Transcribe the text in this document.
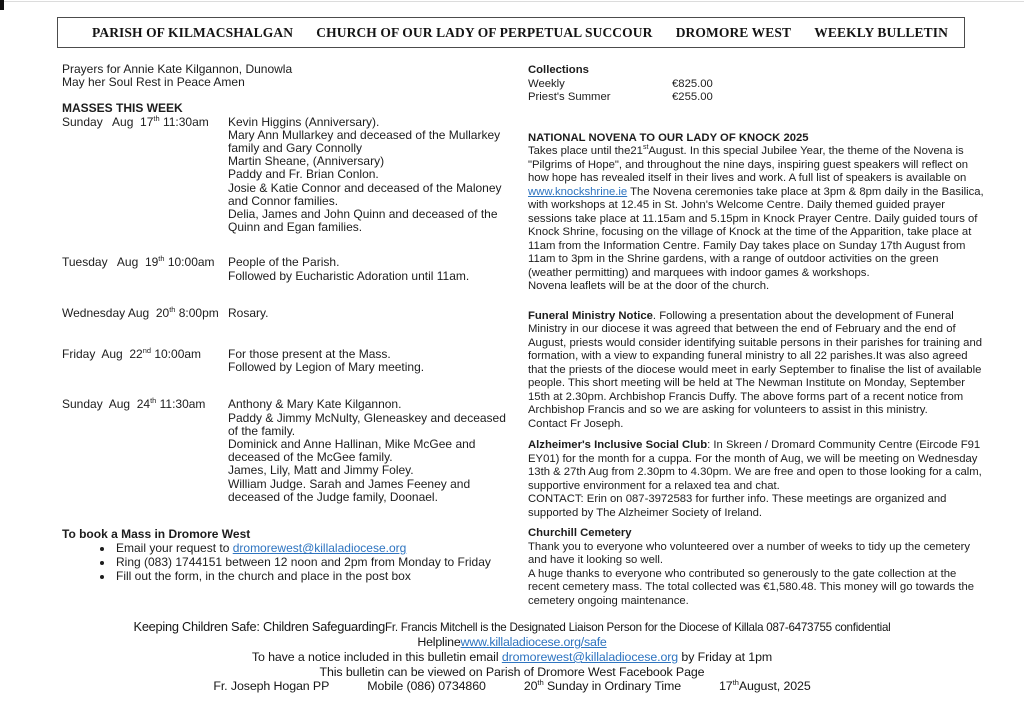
PARISH OF KILMACSHALGAN CHURCH OF OUR LADY OF PERPETUAL SUCCOUR DROMORE WEST WEEKLY BULLETIN
Prayers for Annie Kate Kilgannon, Dunowla
May her Soul Rest in Peace Amen
MASSES THIS WEEK
Sunday   Aug  17th 11:30am	Kevin Higgins (Anniversary).
Mary Ann Mullarkey and deceased of the Mullarkey family and Gary Connolly
Martin Sheane, (Anniversary)
Paddy and Fr. Brian Conlon.
Josie & Katie Connor and deceased of the Maloney and Connor families.
Delia, James and John Quinn and deceased of the Quinn and Egan families.
Tuesday   Aug  19th 10:00am	People of the Parish.
Followed by Eucharistic Adoration until 11am.
Wednesday Aug  20th 8:00pm Rosary.
Friday  Aug  22nd 10:00am	For those present at the Mass.
Followed by Legion of Mary meeting.
Sunday  Aug  24th 11:30am	Anthony & Mary Kate Kilgannon.
Paddy & Jimmy McNulty, Gleneaskey and deceased of the family.
Dominick and Anne Hallinan, Mike McGee and deceased of the McGee family.
James, Lily, Matt and Jimmy Foley.
William Judge. Sarah and James Feeney and deceased of the Judge family, Doonael.
To book a Mass in Dromore West
• Email your request to dromorewest@killaladiocese.org
• Ring (083) 1744151 between 12 noon and 2pm from Monday to Friday
• Fill out the form, in the church and place in the post box
Collections
Weekly	€825.00
Priest's Summer	€255.00
NATIONAL NOVENA TO OUR LADY OF KNOCK 2025

Takes place until the21stAugust. In this special Jubilee Year, the theme of the Novena is "Pilgrims of Hope", and throughout the nine days, inspiring guest speakers will reflect on how hope has revealed itself in their lives and work. A full list of speakers is available on www.knockshrine.ie The Novena ceremonies take place at 3pm & 8pm daily in the Basilica, with workshops at 12.45 in St. John's Welcome Centre. Daily themed guided prayer sessions take place at 11.15am and 5.15pm in Knock Prayer Centre. Daily guided tours of Knock Shrine, focusing on the village of Knock at the time of the Apparition, take place at 11am from the Information Centre. Family Day takes place on Sunday 17th August from 11am to 3pm in the Shrine gardens, with a range of outdoor activities on the green (weather permitting) and marquees with indoor games & workshops.

Novena leaflets will be at the door of the church.

Funeral Ministry Notice. Following a presentation about the development of Funeral Ministry in our diocese it was agreed that between the end of February and the end of August, priests would consider identifying suitable persons in their parishes for training and formation, with a view to expanding funeral ministry to all 22 parishes.It was also agreed that the priests of the diocese would meet in early September to finalise the list of available people. This short meeting will be held at The Newman Institute on Monday, September 15th at 2.30pm. Archbishop Francis Duffy. The above forms part of a recent notice from Archbishop Francis and so we are asking for volunteers to assist in this ministry.

Contact Fr Joseph.

Alzheimer's Inclusive Social Club: In Skreen / Dromard Community Centre (Eircode F91 EY01) for the month for a cuppa. For the month of Aug, we will be meeting on Wednesday 13th & 27th Aug from 2.30pm to 4.30pm. We are free and open to those looking for a calm, supportive environment for a relaxed tea and chat.

CONTACT: Erin on 087-3972583 for further info. These meetings are organized and supported by The Alzheimer Society of Ireland.

Churchill Cemetery

Thank you to everyone who volunteered over a number of weeks to tidy up the cemetery and have it looking so well.

A huge thanks to everyone who contributed so generously to the gate collection at the recent cemetery mass. The total collected was €1,580.48. This money will go towards the cemetery ongoing maintenance.

Keeping Children Safe: Children SafeguardingFr. Francis Mitchell is the Designated Liaison Person for the Diocese of Killala 087-6473755 confidential
Helplinewww.killaladiocese.org/safe
To have a notice included in this bulletin email dromorewest@killaladiocese.org by Friday at 1pm
This bulletin can be viewed on Parish of Dromore West Facebook Page
Fr. Joseph Hogan PP	Mobile (086) 0734860	20th Sunday in Ordinary Time	17thAugust, 2025
